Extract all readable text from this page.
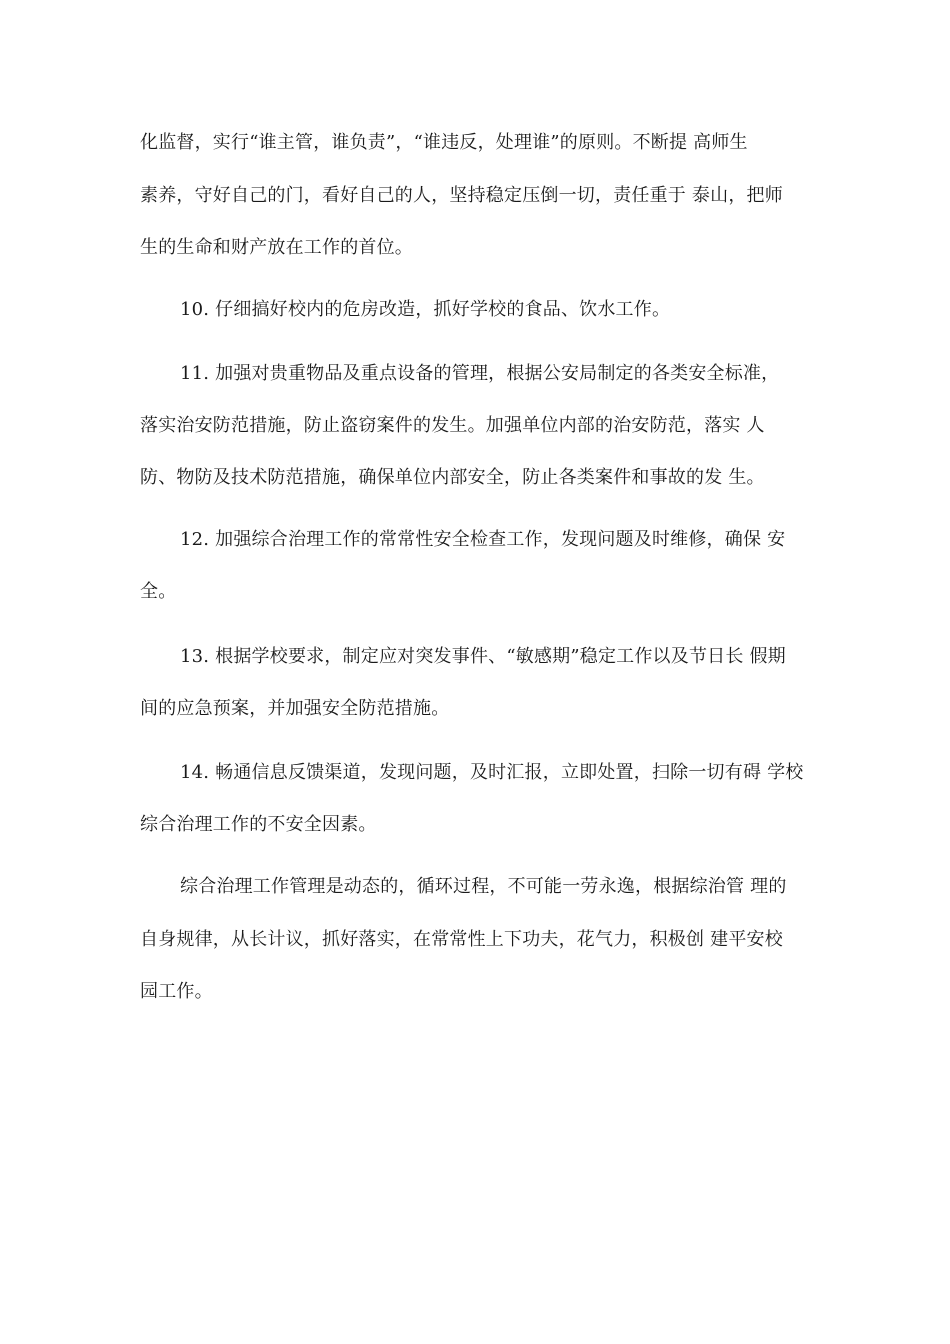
化监督，实行“谁主管，谁负责”，“谁违反，处理谁”的原则。不断提 高师生
素养，守好自己的门，看好自己的人，坚持稳定压倒一切，责任重于 泰山，把师
生的生命和财产放在工作的首位。
10. 仔细搞好校内的危房改造，抓好学校的食品、饮水工作。
11. 加强对贵重物品及重点设备的管理，根据公安局制定的各类安全标准，
落实治安防范措施，防止盗窃案件的发生。加强单位内部的治安防范，落实 人
防、物防及技术防范措施，确保单位内部安全，防止各类案件和事故的发 生。
12. 加强综合治理工作的常常性安全检查工作，发现问题及时维修，确保 安
全。
13. 根据学校要求，制定应对突发事件、“敏感期”稳定工作以及节日长 假期
间的应急预案，并加强安全防范措施。
14. 畅通信息反馈渠道，发现问题，及时汇报，立即处置，扫除一切有碍 学校
综合治理工作的不安全因素。
综合治理工作管理是动态的，循环过程，不可能一劳永逸，根据综治管 理的
自身规律，从长计议，抓好落实，在常常性上下功夫，花气力，积极创 建平安校
园工作。
